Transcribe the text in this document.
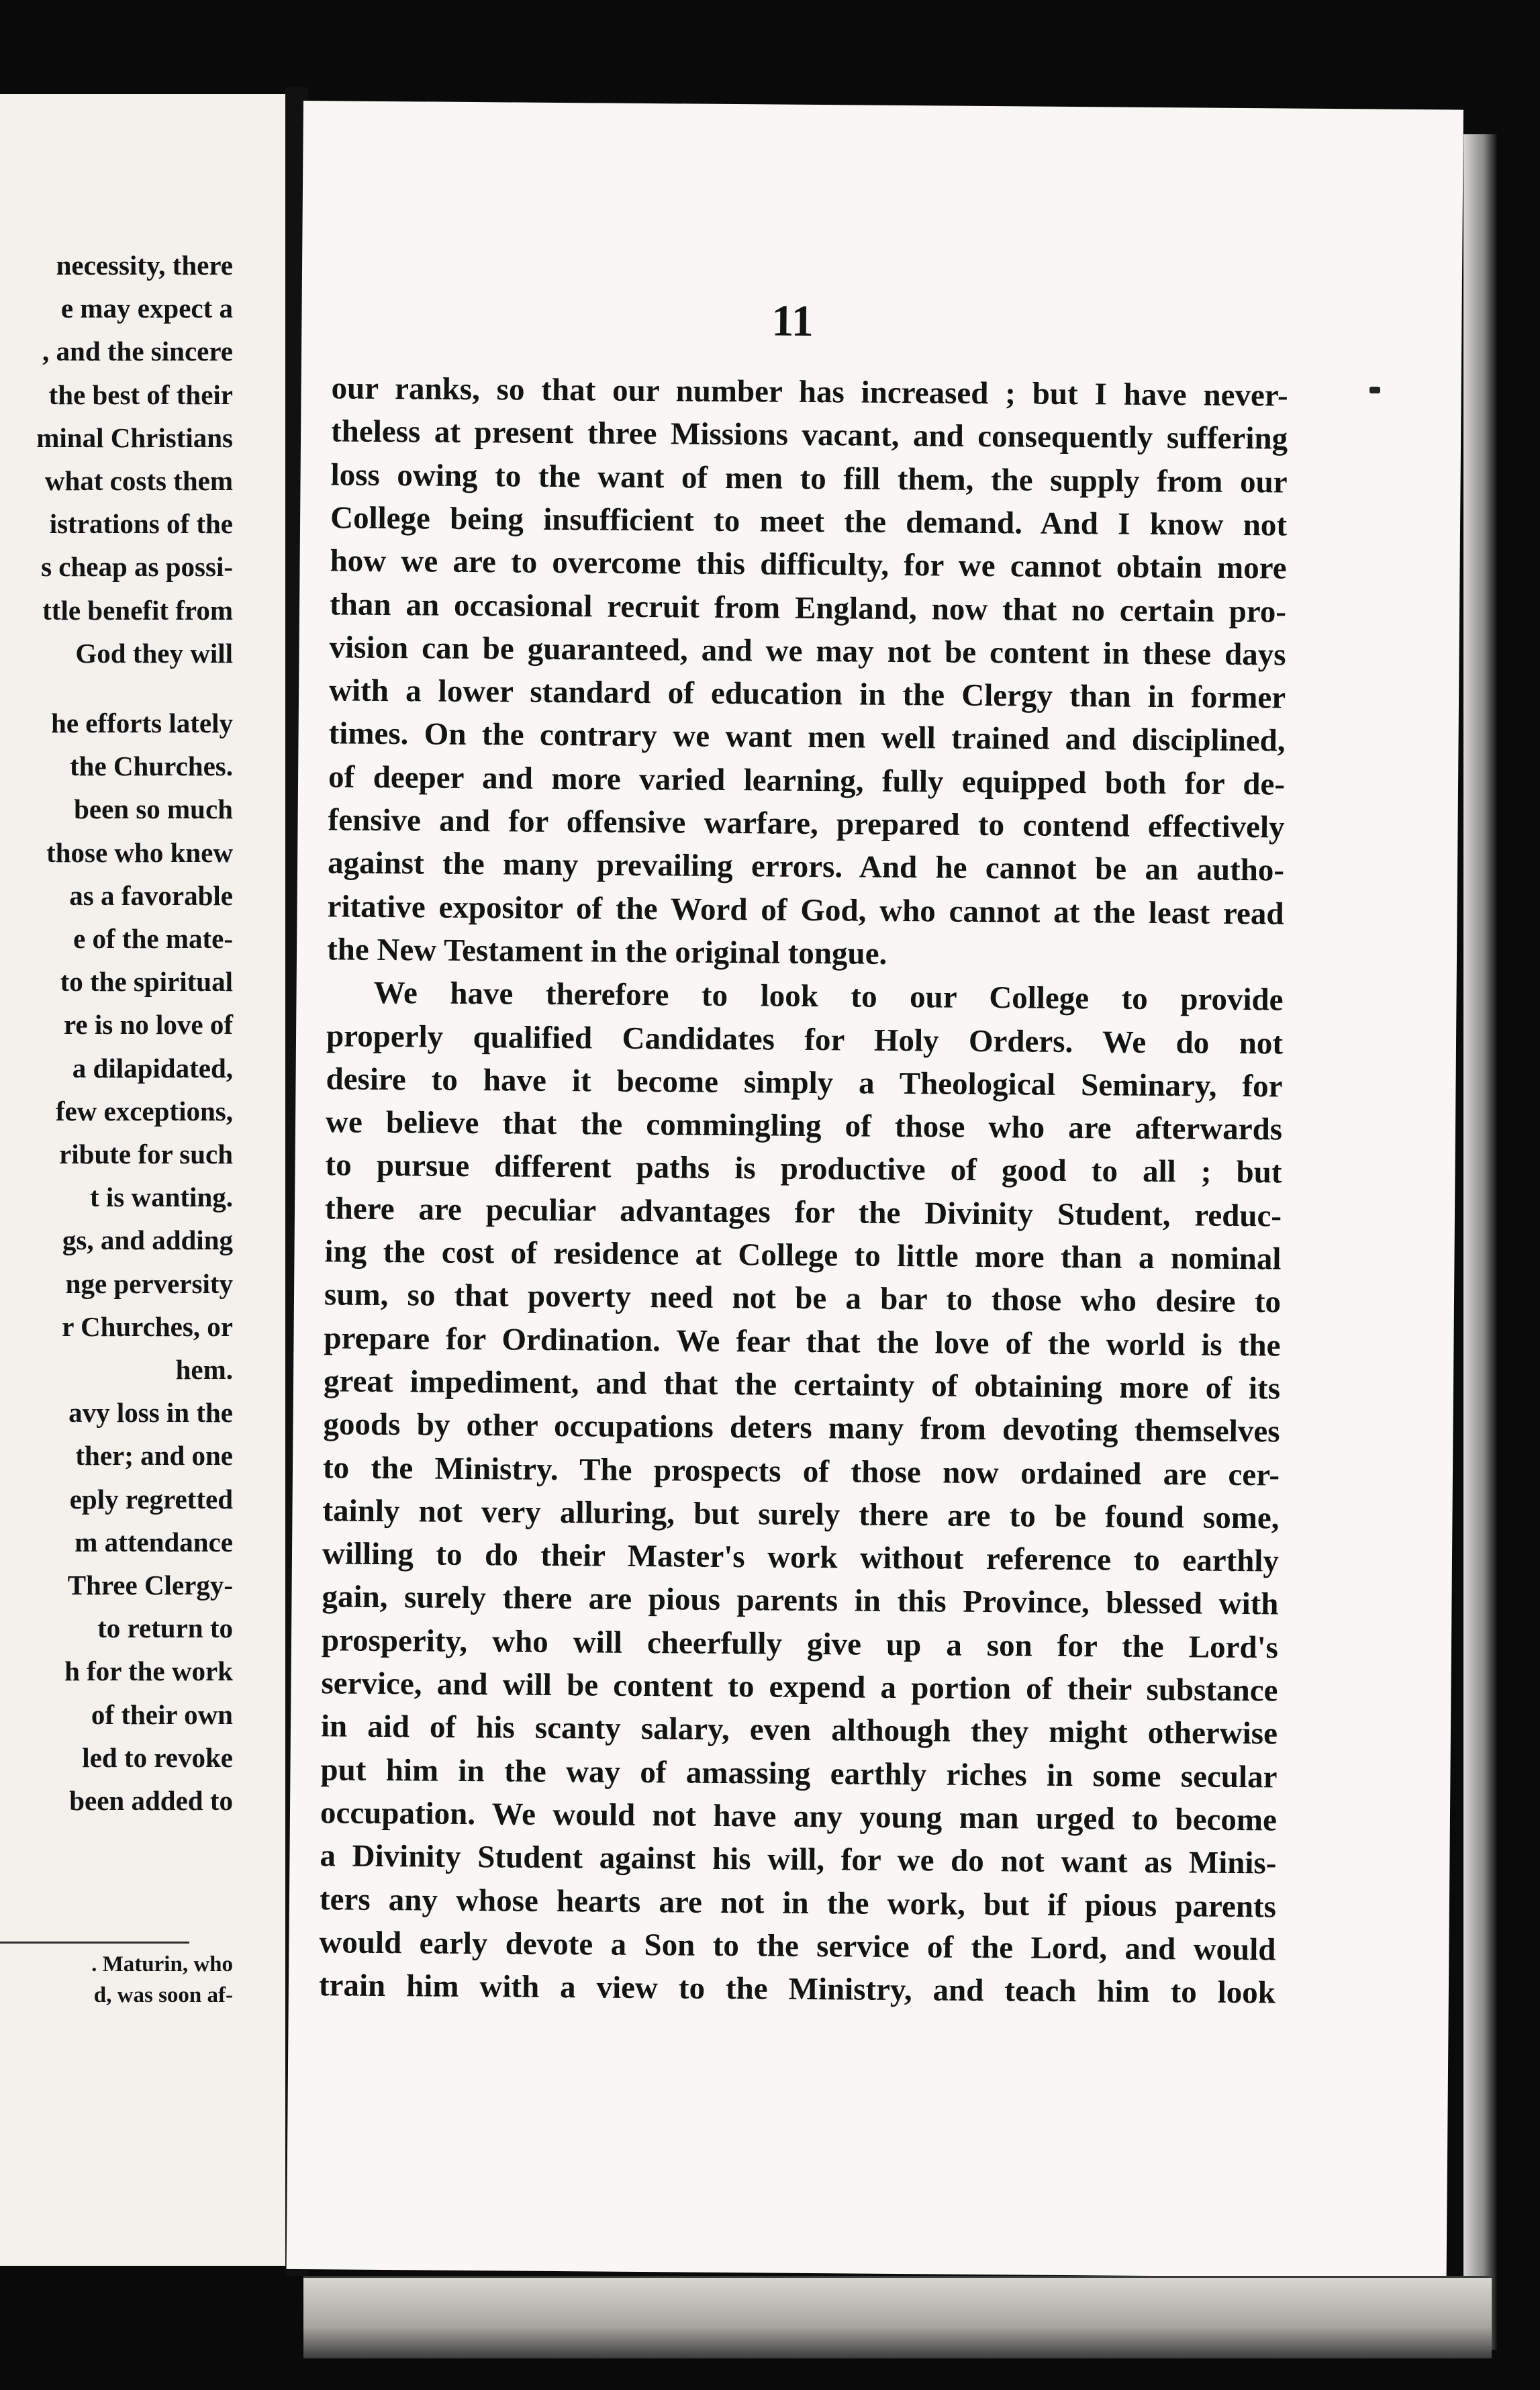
necessity, there
e may expect a
, and the sincere
the best of their
minal Christians
what costs them
istrations of the
s cheap as possi-
ttle benefit from
God they will
he efforts lately
the Churches.
been so much
those who knew
as a favorable
e of the mate-
to the spiritual
re is no love of
a dilapidated,
few exceptions,
ribute for such
t is wanting.
gs, and adding
nge perversity
r Churches, or
hem.
avy loss in the
ther; and one
eply regretted
m attendance
Three Clergy-
to return to
h for the work
of their own
led to revoke
been added to
. Maturin, who
d, was soon af-
11
our ranks, so that our number has increased ; but I have never-
theless at present three Missions vacant, and consequently suffering
loss owing to the want of men to fill them, the supply from our
College being insufficient to meet the demand. And I know not
how we are to overcome this difficulty, for we cannot obtain more
than an occasional recruit from England, now that no certain pro-
vision can be guaranteed, and we may not be content in these days
with a lower standard of education in the Clergy than in former
times. On the contrary we want men well trained and disciplined,
of deeper and more varied learning, fully equipped both for de-
fensive and for offensive warfare, prepared to contend effectively
against the many prevailing errors. And he cannot be an autho-
ritative expositor of the Word of God, who cannot at the least read
the New Testament in the original tongue.
We have therefore to look to our College to provide
properly qualified Candidates for Holy Orders. We do not
desire to have it become simply a Theological Seminary, for
we believe that the commingling of those who are afterwards
to pursue different paths is productive of good to all ; but
there are peculiar advantages for the Divinity Student, reduc-
ing the cost of residence at College to little more than a nominal
sum, so that poverty need not be a bar to those who desire to
prepare for Ordination. We fear that the love of the world is the
great impediment, and that the certainty of obtaining more of its
goods by other occupations deters many from devoting themselves
to the Ministry. The prospects of those now ordained are cer-
tainly not very alluring, but surely there are to be found some,
willing to do their Master's work without reference to earthly
gain, surely there are pious parents in this Province, blessed with
prosperity, who will cheerfully give up a son for the Lord's
service, and will be content to expend a portion of their substance
in aid of his scanty salary, even although they might otherwise
put him in the way of amassing earthly riches in some secular
occupation. We would not have any young man urged to become
a Divinity Student against his will, for we do not want as Minis-
ters any whose hearts are not in the work, but if pious parents
would early devote a Son to the service of the Lord, and would
train him with a view to the Ministry, and teach him to look
